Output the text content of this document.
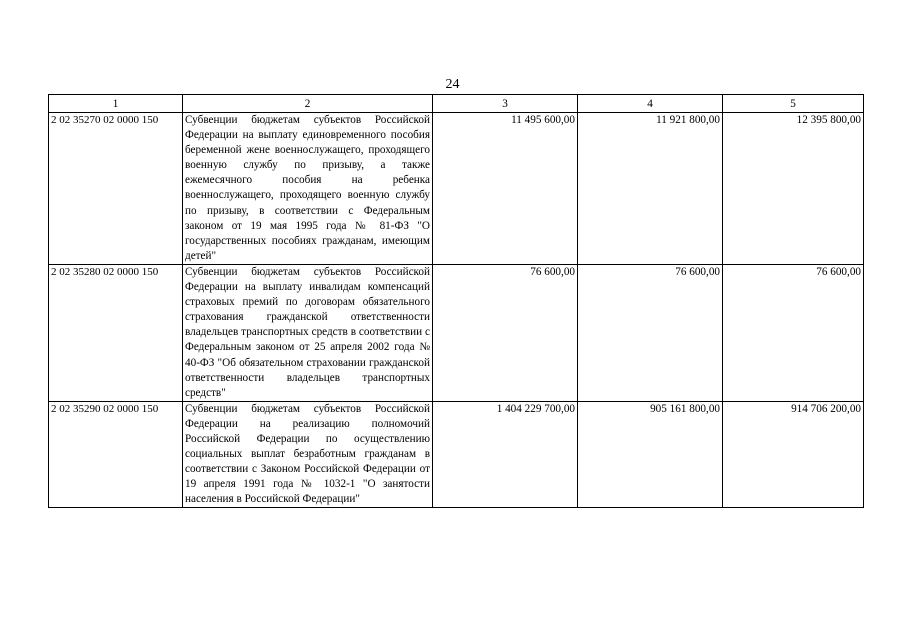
24
1	2	3	4	5
2 02 35270 02 0000 150	Субвенции бюджетам субъектов Российской Федерации на выплату единовременного пособия беременной жене военнослужащего, проходящего военную службу по призыву, а также ежемесячного пособия на ребенка военнослужащего, проходящего военную службу по призыву, в соответствии с Федеральным законом от 19 мая 1995 года № 81-ФЗ "О государственных пособиях гражданам, имеющим детей"	11 495 600,00	11 921 800,00	12 395 800,00
2 02 35280 02 0000 150	Субвенции бюджетам субъектов Российской Федерации на выплату инвалидам компенсаций страховых премий по договорам обязательного страхования гражданской ответственности владельцев транспортных средств в соответствии с Федеральным законом от 25 апреля 2002 года № 40-ФЗ "Об обязательном страховании гражданской ответственности владельцев транспортных средств"	76 600,00	76 600,00	76 600,00
2 02 35290 02 0000 150	Субвенции бюджетам субъектов Российской Федерации на реализацию полномочий Российской Федерации по осуществлению социальных выплат безработным гражданам в соответствии с Законом Российской Федерации от 19 апреля 1991 года № 1032-1 "О занятости населения в Российской Федерации"	1 404 229 700,00	905 161 800,00	914 706 200,00
